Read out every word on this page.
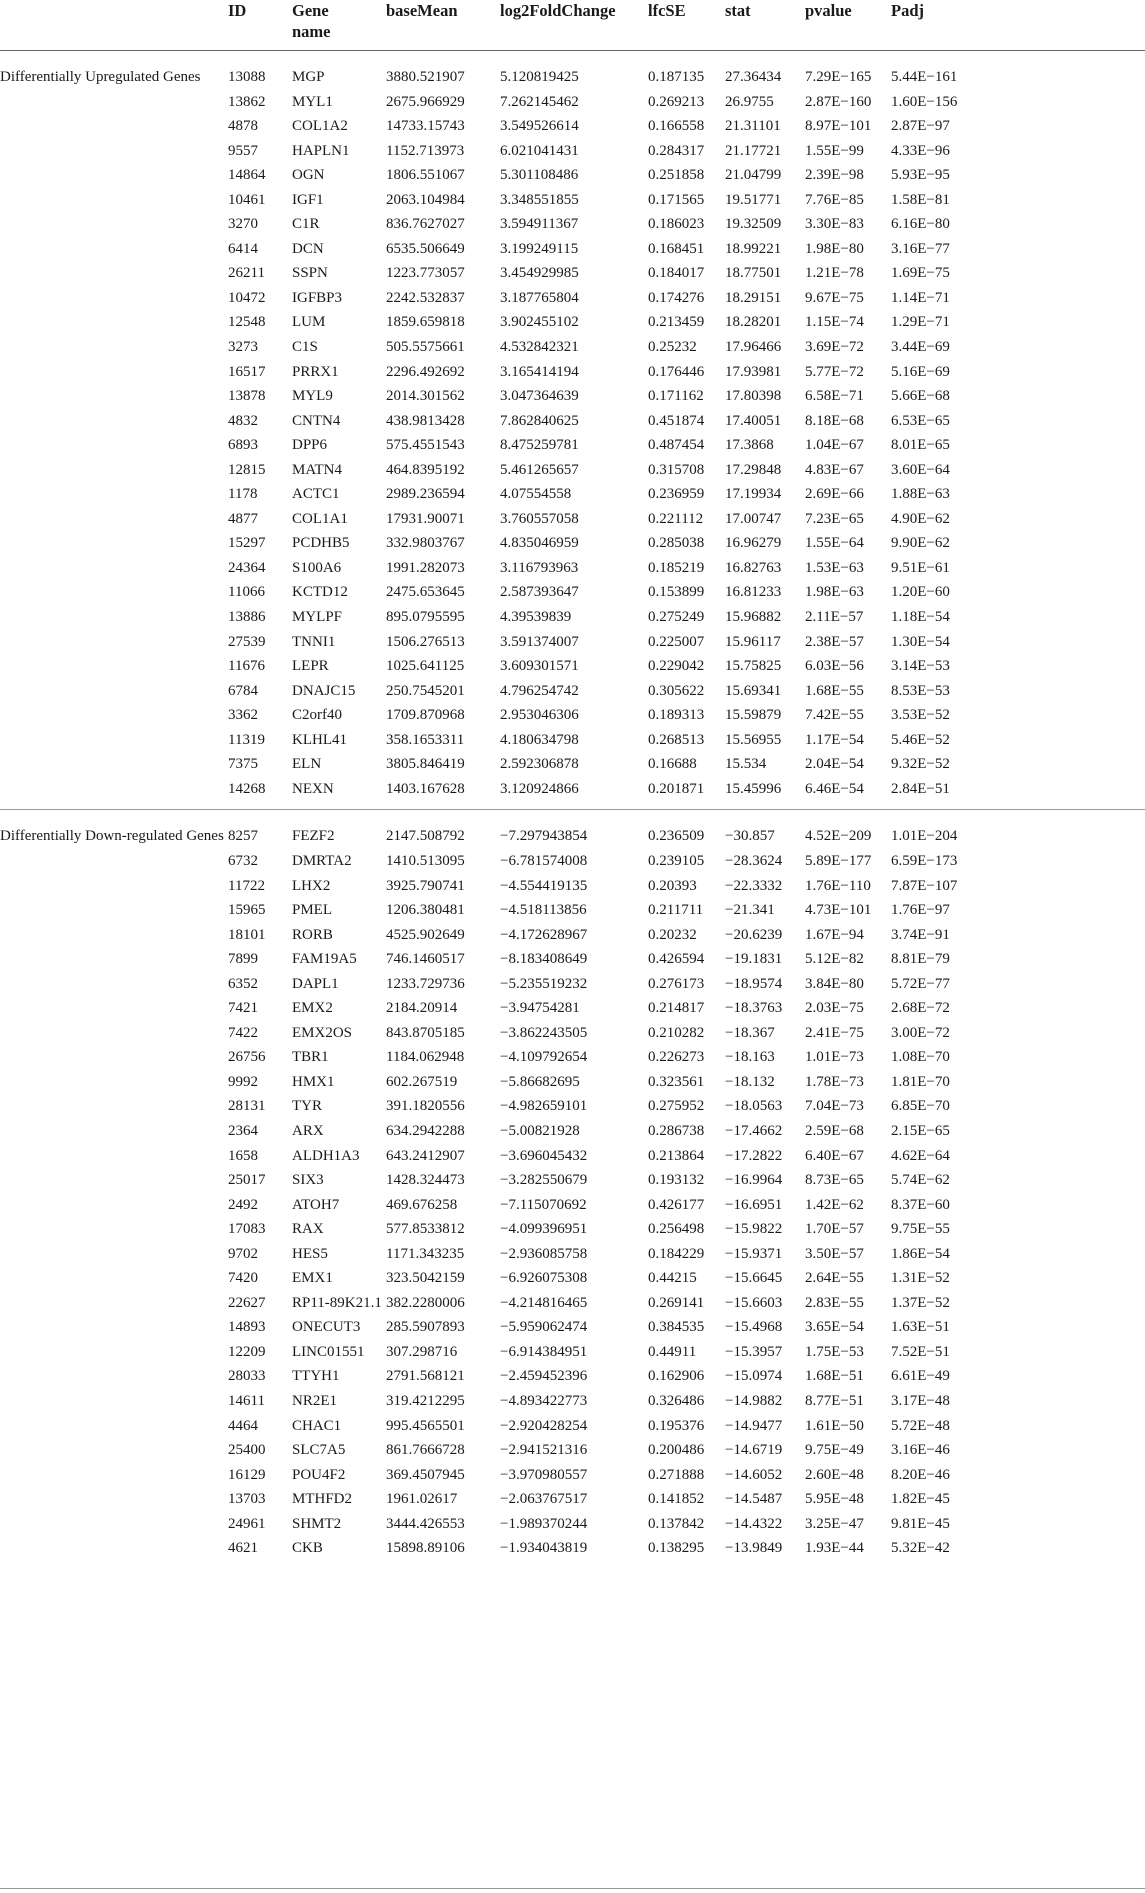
	ID	Gene name	baseMean	log2FoldChange	lfcSE	stat	pvalue	Padj

Differentially Upregulated Genes	13088	MGP	3880.521907	5.120819425	0.187135	27.36434	7.29E−165	5.44E−161
	13862	MYL1	2675.966929	7.262145462	0.269213	26.9755	2.87E−160	1.60E−156
	4878	COL1A2	14733.15743	3.549526614	0.166558	21.31101	8.97E−101	2.87E−97
	9557	HAPLN1	1152.713973	6.021041431	0.284317	21.17721	1.55E−99	4.33E−96
	14864	OGN	1806.551067	5.301108486	0.251858	21.04799	2.39E−98	5.93E−95
	10461	IGF1	2063.104984	3.348551855	0.171565	19.51771	7.76E−85	1.58E−81
	3270	C1R	836.7627027	3.594911367	0.186023	19.32509	3.30E−83	6.16E−80
	6414	DCN	6535.506649	3.199249115	0.168451	18.99221	1.98E−80	3.16E−77
	26211	SSPN	1223.773057	3.454929985	0.184017	18.77501	1.21E−78	1.69E−75
	10472	IGFBP3	2242.532837	3.187765804	0.174276	18.29151	9.67E−75	1.14E−71
	12548	LUM	1859.659818	3.902455102	0.213459	18.28201	1.15E−74	1.29E−71
	3273	C1S	505.5575661	4.532842321	0.25232	17.96466	3.69E−72	3.44E−69
	16517	PRRX1	2296.492692	3.165414194	0.176446	17.93981	5.77E−72	5.16E−69
	13878	MYL9	2014.301562	3.047364639	0.171162	17.80398	6.58E−71	5.66E−68
	4832	CNTN4	438.9813428	7.862840625	0.451874	17.40051	8.18E−68	6.53E−65
	6893	DPP6	575.4551543	8.475259781	0.487454	17.3868	1.04E−67	8.01E−65
	12815	MATN4	464.8395192	5.461265657	0.315708	17.29848	4.83E−67	3.60E−64
	1178	ACTC1	2989.236594	4.07554558	0.236959	17.19934	2.69E−66	1.88E−63
	4877	COL1A1	17931.90071	3.760557058	0.221112	17.00747	7.23E−65	4.90E−62
	15297	PCDHB5	332.9803767	4.835046959	0.285038	16.96279	1.55E−64	9.90E−62
	24364	S100A6	1991.282073	3.116793963	0.185219	16.82763	1.53E−63	9.51E−61
	11066	KCTD12	2475.653645	2.587393647	0.153899	16.81233	1.98E−63	1.20E−60
	13886	MYLPF	895.0795595	4.39539839	0.275249	15.96882	2.11E−57	1.18E−54
	27539	TNNI1	1506.276513	3.591374007	0.225007	15.96117	2.38E−57	1.30E−54
	11676	LEPR	1025.641125	3.609301571	0.229042	15.75825	6.03E−56	3.14E−53
	6784	DNAJC15	250.7545201	4.796254742	0.305622	15.69341	1.68E−55	8.53E−53
	3362	C2orf40	1709.870968	2.953046306	0.189313	15.59879	7.42E−55	3.53E−52
	11319	KLHL41	358.1653311	4.180634798	0.268513	15.56955	1.17E−54	5.46E−52
	7375	ELN	3805.846419	2.592306878	0.16688	15.534	2.04E−54	9.32E−52
	14268	NEXN	1403.167628	3.120924866	0.201871	15.45996	6.46E−54	2.84E−51

Differentially Down-regulated Genes	8257	FEZF2	2147.508792	−7.297943854	0.236509	−30.857	4.52E−209	1.01E−204
	6732	DMRTA2	1410.513095	−6.781574008	0.239105	−28.3624	5.89E−177	6.59E−173
	11722	LHX2	3925.790741	−4.554419135	0.20393	−22.3332	1.76E−110	7.87E−107
	15965	PMEL	1206.380481	−4.518113856	0.211711	−21.341	4.73E−101	1.76E−97
	18101	RORB	4525.902649	−4.172628967	0.20232	−20.6239	1.67E−94	3.74E−91
	7899	FAM19A5	746.1460517	−8.183408649	0.426594	−19.1831	5.12E−82	8.81E−79
	6352	DAPL1	1233.729736	−5.235519232	0.276173	−18.9574	3.84E−80	5.72E−77
	7421	EMX2	2184.20914	−3.94754281	0.214817	−18.3763	2.03E−75	2.68E−72
	7422	EMX2OS	843.8705185	−3.862243505	0.210282	−18.367	2.41E−75	3.00E−72
	26756	TBR1	1184.062948	−4.109792654	0.226273	−18.163	1.01E−73	1.08E−70
	9992	HMX1	602.267519	−5.86682695	0.323561	−18.132	1.78E−73	1.81E−70
	28131	TYR	391.1820556	−4.982659101	0.275952	−18.0563	7.04E−73	6.85E−70
	2364	ARX	634.2942288	−5.00821928	0.286738	−17.4662	2.59E−68	2.15E−65
	1658	ALDH1A3	643.2412907	−3.696045432	0.213864	−17.2822	6.40E−67	4.62E−64
	25017	SIX3	1428.324473	−3.282550679	0.193132	−16.9964	8.73E−65	5.74E−62
	2492	ATOH7	469.676258	−7.115070692	0.426177	−16.6951	1.42E−62	8.37E−60
	17083	RAX	577.8533812	−4.099396951	0.256498	−15.9822	1.70E−57	9.75E−55
	9702	HES5	1171.343235	−2.936085758	0.184229	−15.9371	3.50E−57	1.86E−54
	7420	EMX1	323.5042159	−6.926075308	0.44215	−15.6645	2.64E−55	1.31E−52
	22627	RP11-89K21.1	382.2280006	−4.214816465	0.269141	−15.6603	2.83E−55	1.37E−52
	14893	ONECUT3	285.5907893	−5.959062474	0.384535	−15.4968	3.65E−54	1.63E−51
	12209	LINC01551	307.298716	−6.914384951	0.44911	−15.3957	1.75E−53	7.52E−51
	28033	TTYH1	2791.568121	−2.459452396	0.162906	−15.0974	1.68E−51	6.61E−49
	14611	NR2E1	319.4212295	−4.893422773	0.326486	−14.9882	8.77E−51	3.17E−48
	4464	CHAC1	995.4565501	−2.920428254	0.195376	−14.9477	1.61E−50	5.72E−48
	25400	SLC7A5	861.7666728	−2.941521316	0.200486	−14.6719	9.75E−49	3.16E−46
	16129	POU4F2	369.4507945	−3.970980557	0.271888	−14.6052	2.60E−48	8.20E−46
	13703	MTHFD2	1961.02617	−2.063767517	0.141852	−14.5487	5.95E−48	1.82E−45
	24961	SHMT2	3444.426553	−1.989370244	0.137842	−14.4322	3.25E−47	9.81E−45
	4621	CKB	15898.89106	−1.934043819	0.138295	−13.9849	1.93E−44	5.32E−42
